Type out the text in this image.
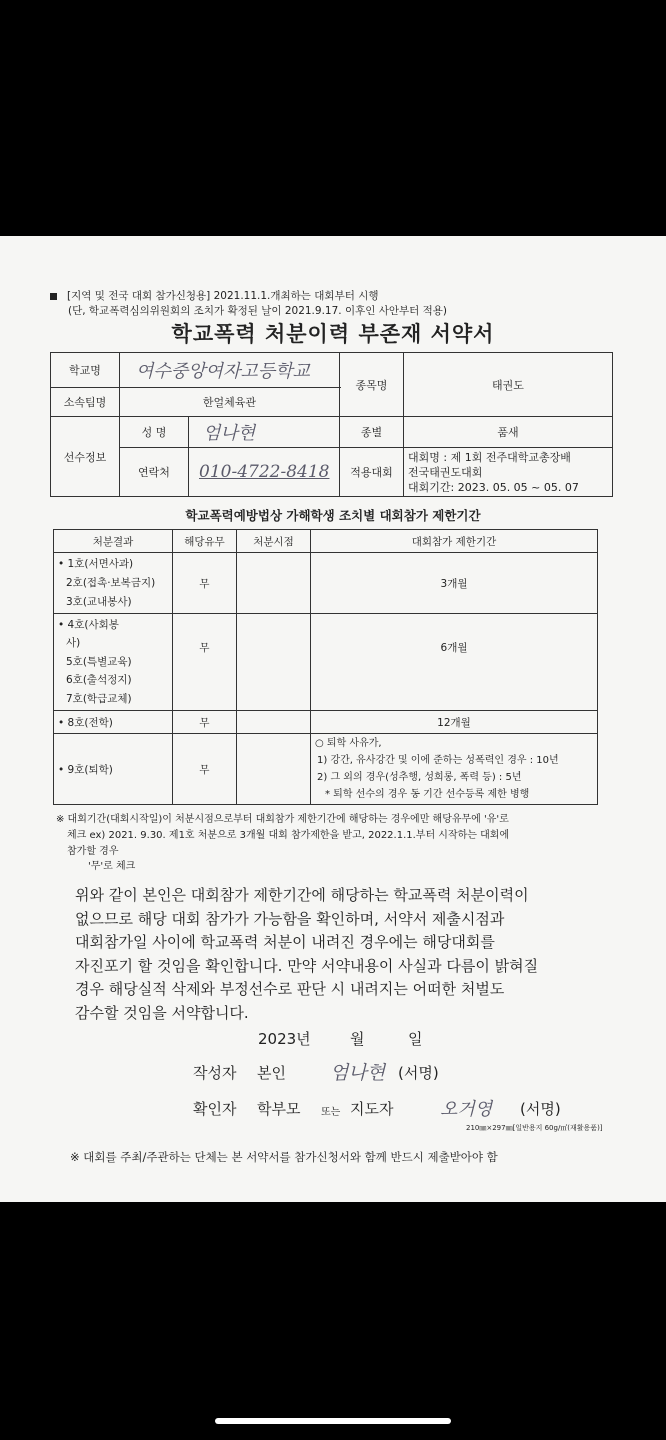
[지역 및 전국 대회 참가신청용] 2021.11.1.개최하는 대회부터 시행
(단, 학교폭력심의위원회의 조치가 확정된 날이 2021.9.17. 이후인 사안부터 적용)
학교폭력 처분이력 부존재 서약서
학교명	여수중앙여자고등학교		종목명	태권도
소속팀명	한얼체육관			
선수정보	성 명	엄나현	종별	품새
	연락처	010-4722-8418	적용대회	대회명 : 제 1회 전주대학교총장배
전국태권도대회
대회기간: 2023. 05. 05 ~ 05. 07
학교폭력예방법상 가해학생 조치별 대회참가 제한기간
처분결과	해당유무	처분시점	대회참가 제한기간

• 1호(서면사과)
2호(접촉·보복금지)
3호(교내봉사)	무		3개월

• 4호(사회봉
사)
5호(특별교육)
6호(출석정지)
7호(학급교체)	무		6개월
• 8호(전학)	무		12개월
• 9호(퇴학)	무		○ 퇴학 사유가,
1) 강간, 유사강간 및 이에 준하는 성폭력인 경우 : 10년
2) 그 외의 경우(성추행, 성희롱, 폭력 등) : 5년
* 퇴학 선수의 경우 동 기간 선수등록 제한 병행
※ 대회기간(대회시작일)이 처분시점으로부터 대회참가 제한기간에 해당하는 경우에만 해당유무에 '유'로
체크 ex) 2021. 9.30. 제1호 처분으로 3개월 대회 참가제한을 받고, 2022.1.1.부터 시작하는 대회에
참가할 경우
'무'로 체크
위와 같이 본인은 대회참가 제한기간에 해당하는 학교폭력 처분이력이
없으므로 해당 대회 참가가 가능함을 확인하며, 서약서 제출시점과
대회참가일 사이에 학교폭력 처분이 내려진 경우에는 해당대회를
자진포기 할 것임을 확인합니다. 만약 서약내용이 사실과 다름이 밝혀질
경우 해당실적 삭제와 부정선수로 판단 시 내려지는 어떠한 처벌도
감수할 것임을 서약합니다.
2023년	월	일
작성자 본인 엄나현 (서명)
확인자 학부모 또는 지도자	오거영 (서명)
210㎜×297㎜[일반용지 60g/㎡(재활용품)]
※ 대회를 주최/주관하는 단체는 본 서약서를 참가신청서와 함께 반드시 제출받아야 함
